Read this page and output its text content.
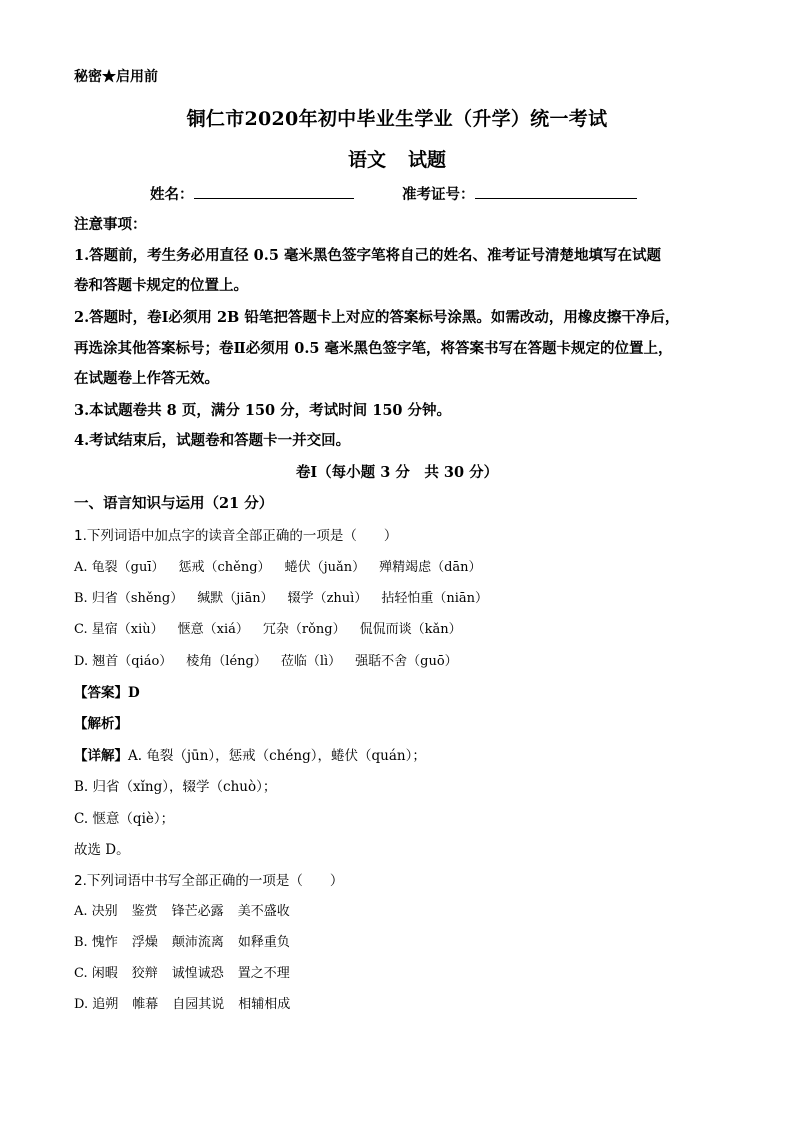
秘密★启用前
铜仁市2020年初中毕业生学业（升学）统一考试
语文 试题
姓名：	准考证号：
注意事项：
1.答题前，考生务必用直径 0.5 毫米黑色签字笔将自己的姓名、准考证号清楚地填写在试题
卷和答题卡规定的位置上。
2.答题时，卷Ⅰ必须用 2B 铅笔把答题卡上对应的答案标号涂黑。如需改动，用橡皮擦干净后，
再选涂其他答案标号；卷Ⅱ必须用 0.5 毫米黑色签字笔，将答案书写在答题卡规定的位置上，
在试题卷上作答无效。
3.本试题卷共 8 页，满分 150 分，考试时间 150 分钟。
4.考试结束后，试题卷和答题卡一并交回。
卷Ⅰ（每小题 3 分　共 30 分）
一、语言知识与运用（21 分）
1.下列词语中加点字的读音全部正确的一项是（　　）
A. 龟裂（guī） 惩戒（chěng） 蜷伏（juǎn） 殚精竭虑（dān）
B. 归省（shěng） 缄默（jiān） 辍学（zhuì） 拈轻怕重（niān）
C. 星宿（xiù） 惬意（xiá） 冗杂（rǒng） 侃侃而谈（kǎn）
D. 翘首（qiáo） 棱角（léng） 莅临（lì） 强聒不舍（guō）
【答案】D
【解析】
【详解】A. 龟裂（jūn），惩戒（chéng），蜷伏（quán）；
B. 归省（xǐng），辍学（chuò）；
C. 惬意（qiè）；
故选 D。
2.下列词语中书写全部正确的一项是（　　）
A. 决别 鉴赏 锋芒必露 美不盛收
B. 愧怍 浮燥 颠沛流离 如释重负
C. 闲暇 狡辩 诚惶诚恐 置之不理
D. 追朔 帷幕 自园其说 相辅相成
